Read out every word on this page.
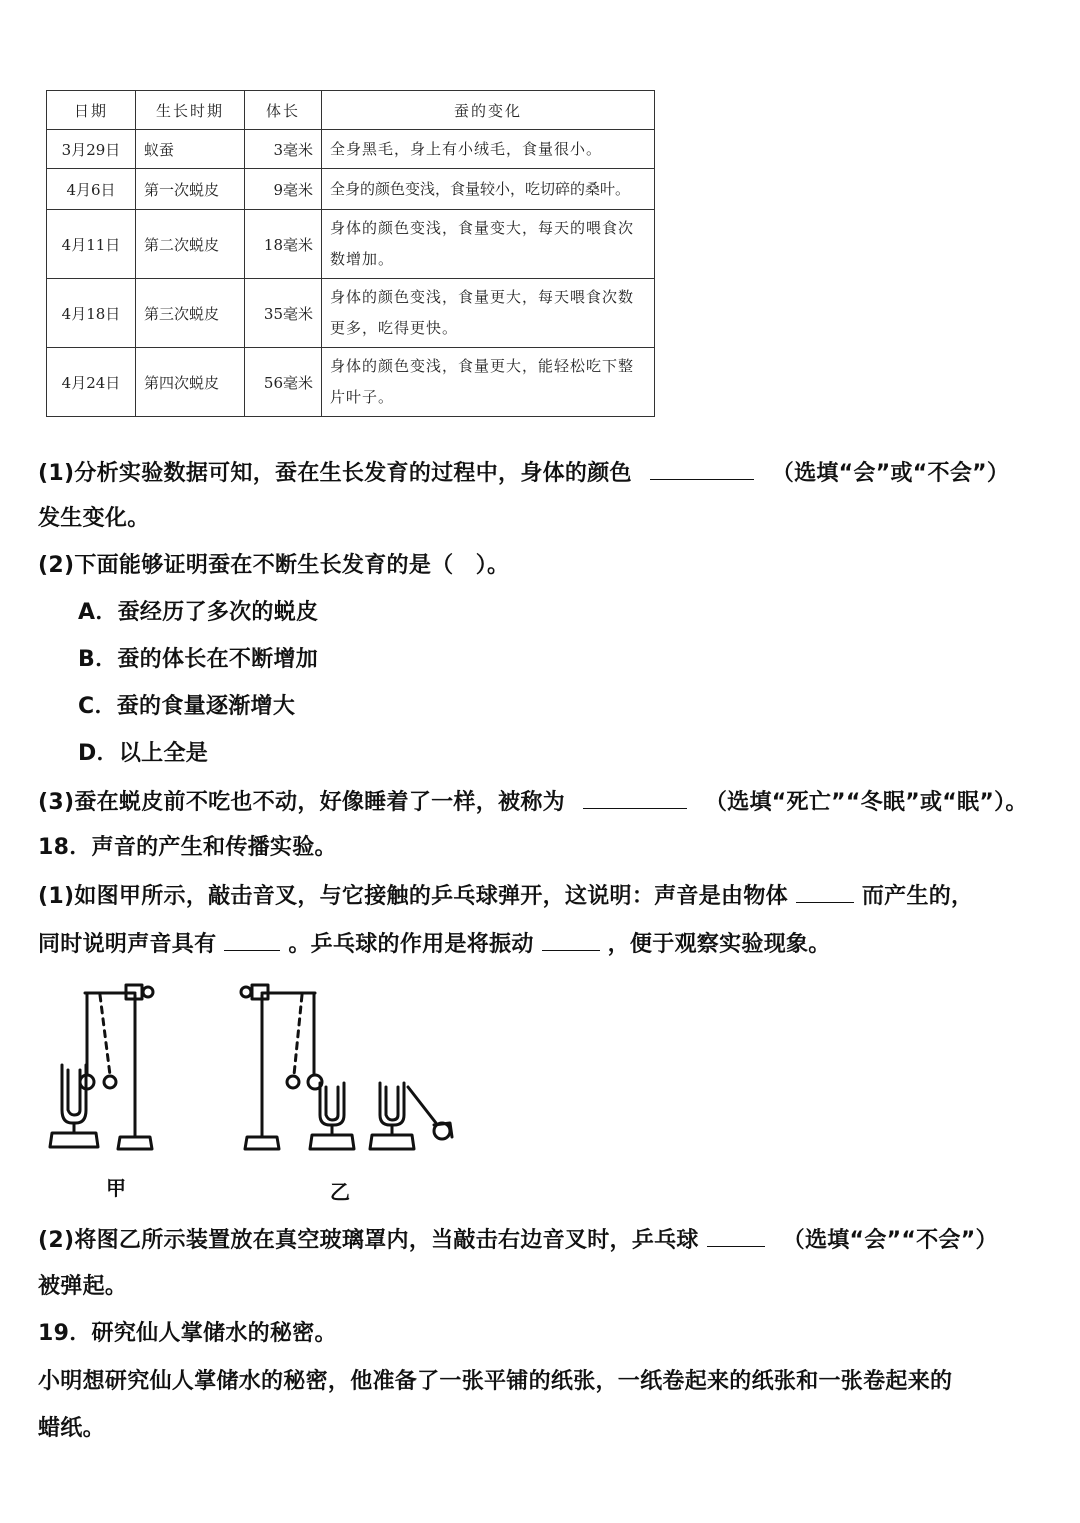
日期	生长时期	体长	蚕的变化
3月29日	蚁蚕	3毫米	全身黑毛，身上有小绒毛，食量很小。
4月6日	第一次蜕皮	9毫米	全身的颜色变浅，食量较小，吃切碎的桑叶。
4月11日	第二次蜕皮	18毫米	身体的颜色变浅，食量变大，每天的喂食次数增加。
4月18日	第三次蜕皮	35毫米	身体的颜色变浅，食量更大，每天喂食次数更多，吃得更快。
4月24日	第四次蜕皮	56毫米	身体的颜色变浅，食量更大，能轻松吃下整片叶子。
(1)分析实验数据可知，蚕在生长发育的过程中，身体的颜色	（选填“会”或“不会”）
发生变化。
(2)下面能够证明蚕在不断生长发育的是（　）。
A．蚕经历了多次的蜕皮
B．蚕的体长在不断增加
C．蚕的食量逐渐增大
D．以上全是
(3)蚕在蜕皮前不吃也不动，好像睡着了一样，被称为	（选填“死亡”“冬眠”或“眠”）。
18．声音的产生和传播实验。
(1)如图甲所示，敲击音叉，与它接触的乒乓球弹开，这说明：声音是由物体	而产生的，
同时说明声音具有	。乒乓球的作用是将振动	，便于观察实验现象。
甲	乙
(2)将图乙所示装置放在真空玻璃罩内，当敲击右边音叉时，乒乓球	（选填“会”“不会”）
被弹起。
19．研究仙人掌储水的秘密。
小明想研究仙人掌储水的秘密，他准备了一张平铺的纸张，一纸卷起来的纸张和一张卷起来的
蜡纸。
